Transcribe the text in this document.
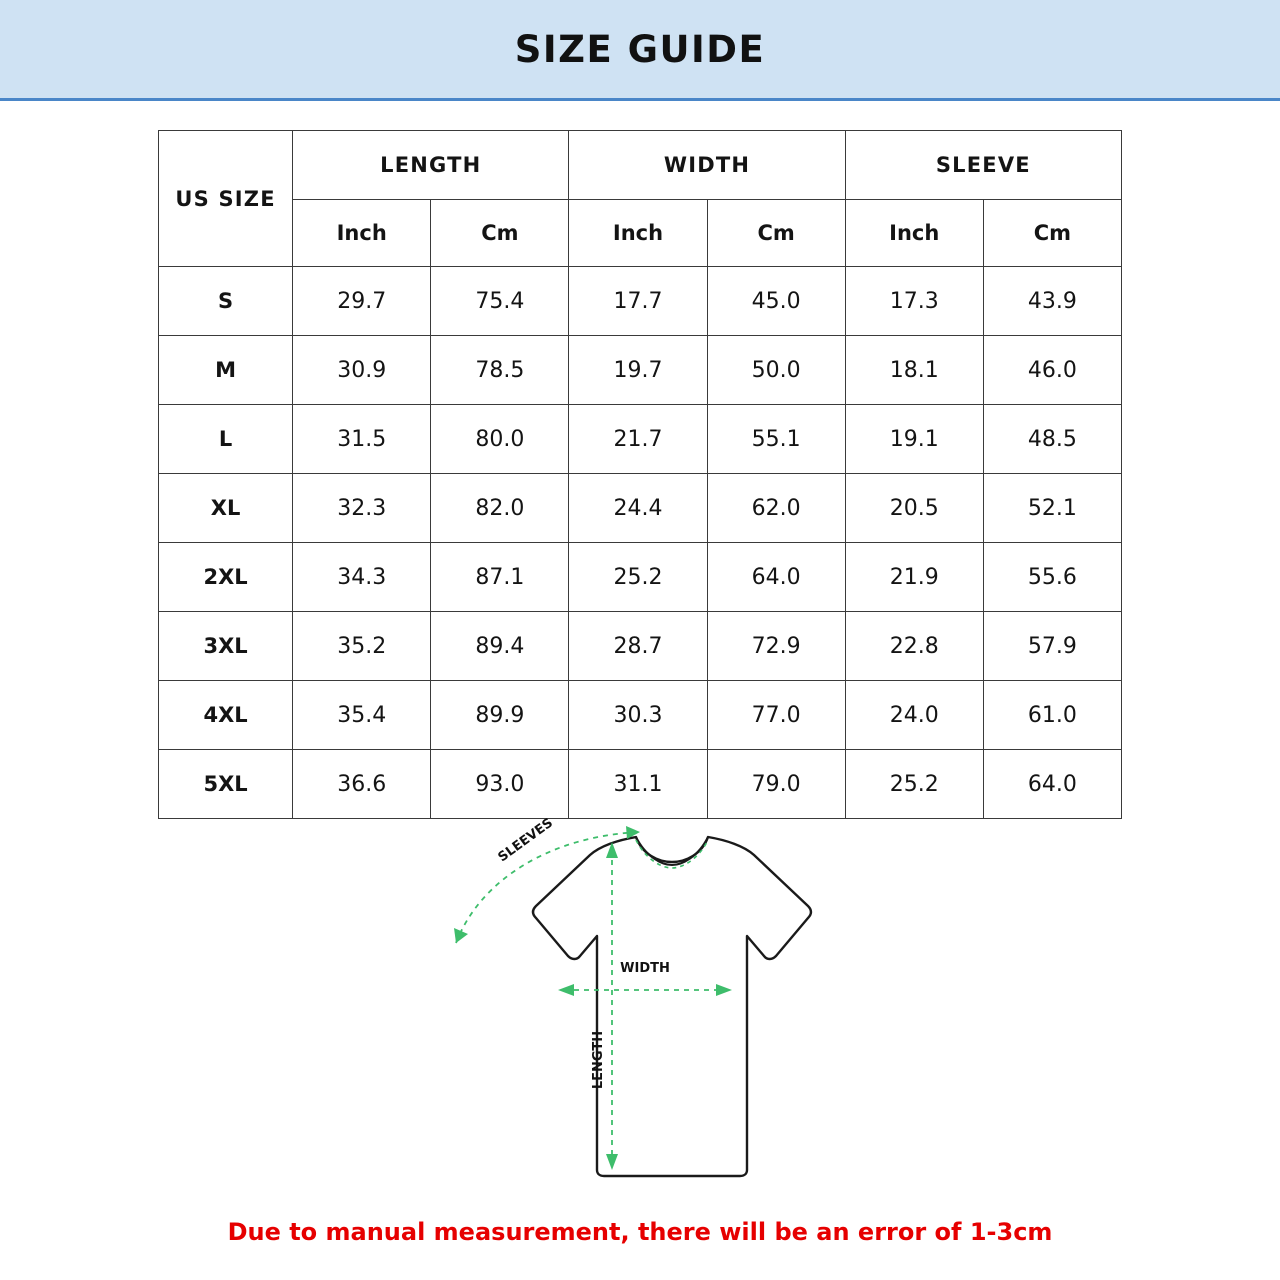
SIZE GUIDE
US SIZE	LENGTH		WIDTH		SLEEVE	
	Inch	Cm	Inch	Cm	Inch	Cm
S	29.7	75.4	17.7	45.0	17.3	43.9
M	30.9	78.5	19.7	50.0	18.1	46.0
L	31.5	80.0	21.7	55.1	19.1	48.5
XL	32.3	82.0	24.4	62.0	20.5	52.1
2XL	34.3	87.1	25.2	64.0	21.9	55.6
3XL	35.2	89.4	28.7	72.9	22.8	57.9
4XL	35.4	89.9	30.3	77.0	24.0	61.0
5XL	36.6	93.0	31.1	79.0	25.2	64.0
SLEEVES
WIDTH
LENGTH
Due to manual measurement, there will be an error of 1-3cm
